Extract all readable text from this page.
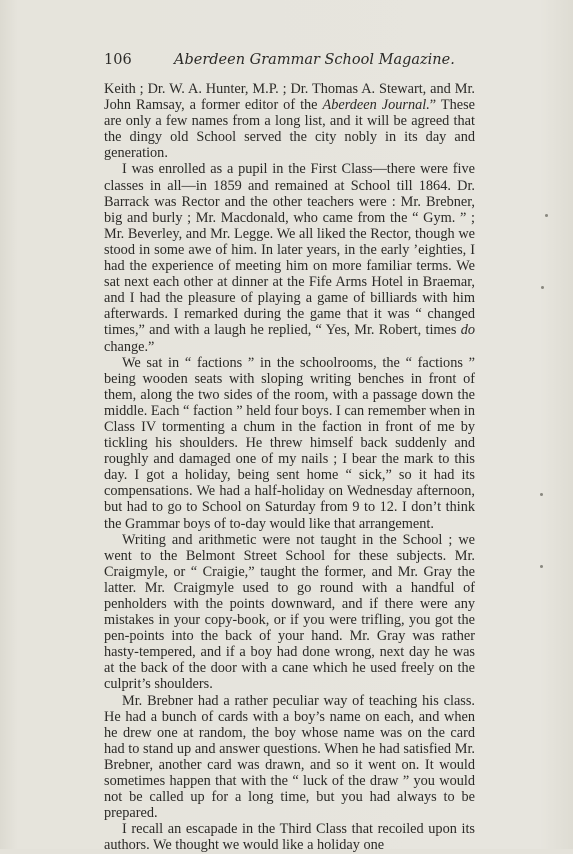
106	Aberdeen Grammar School Magazine.

Keith ; Dr. W. A. Hunter, M.P. ; Dr. Thomas A. Stewart, and Mr. John Ramsay, a former editor of the Aberdeen Journal.” These are only a few names from a long list, and it will be agreed that the dingy old School served the city nobly in its day and generation.

I was enrolled as a pupil in the First Class—there were five classes in all—in 1859 and remained at School till 1864. Dr. Barrack was Rector and the other teachers were : Mr. Brebner, big and burly ; Mr. Macdonald, who came from the “ Gym. ” ; Mr. Beverley, and Mr. Legge. We all liked the Rector, though we stood in some awe of him. In later years, in the early ’eighties, I had the experience of meeting him on more familiar terms. We sat next each other at dinner at the Fife Arms Hotel in Braemar, and I had the pleasure of playing a game of billiards with him afterwards. I remarked during the game that it was “ changed times,” and with a laugh he replied, “ Yes, Mr. Robert, times do change.”

We sat in “ factions ” in the schoolrooms, the “ factions ” being wooden seats with sloping writing benches in front of them, along the two sides of the room, with a passage down the middle. Each “ faction ” held four boys. I can remember when in Class IV tormenting a chum in the faction in front of me by tickling his shoulders. He threw himself back suddenly and roughly and damaged one of my nails ; I bear the mark to this day. I got a holiday, being sent home “ sick,” so it had its compensations. We had a half-holiday on Wednesday afternoon, but had to go to School on Saturday from 9 to 12. I don’t think the Grammar boys of to-day would like that arrangement.

Writing and arithmetic were not taught in the School ; we went to the Belmont Street School for these subjects. Mr. Craigmyle, or “ Craigie,” taught the former, and Mr. Gray the latter. Mr. Craigmyle used to go round with a handful of penholders with the points downward, and if there were any mistakes in your copy-book, or if you were trifling, you got the pen-points into the back of your hand. Mr. Gray was rather hasty-tempered, and if a boy had done wrong, next day he was at the back of the door with a cane which he used freely on the culprit’s shoulders.

Mr. Brebner had a rather peculiar way of teaching his class. He had a bunch of cards with a boy’s name on each, and when he drew one at random, the boy whose name was on the card had to stand up and answer questions. When he had satisfied Mr. Brebner, another card was drawn, and so it went on. It would sometimes happen that with the “ luck of the draw ” you would not be called up for a long time, but you had always to be prepared.

I recall an escapade in the Third Class that recoiled upon its authors. We thought we would like a holiday one
